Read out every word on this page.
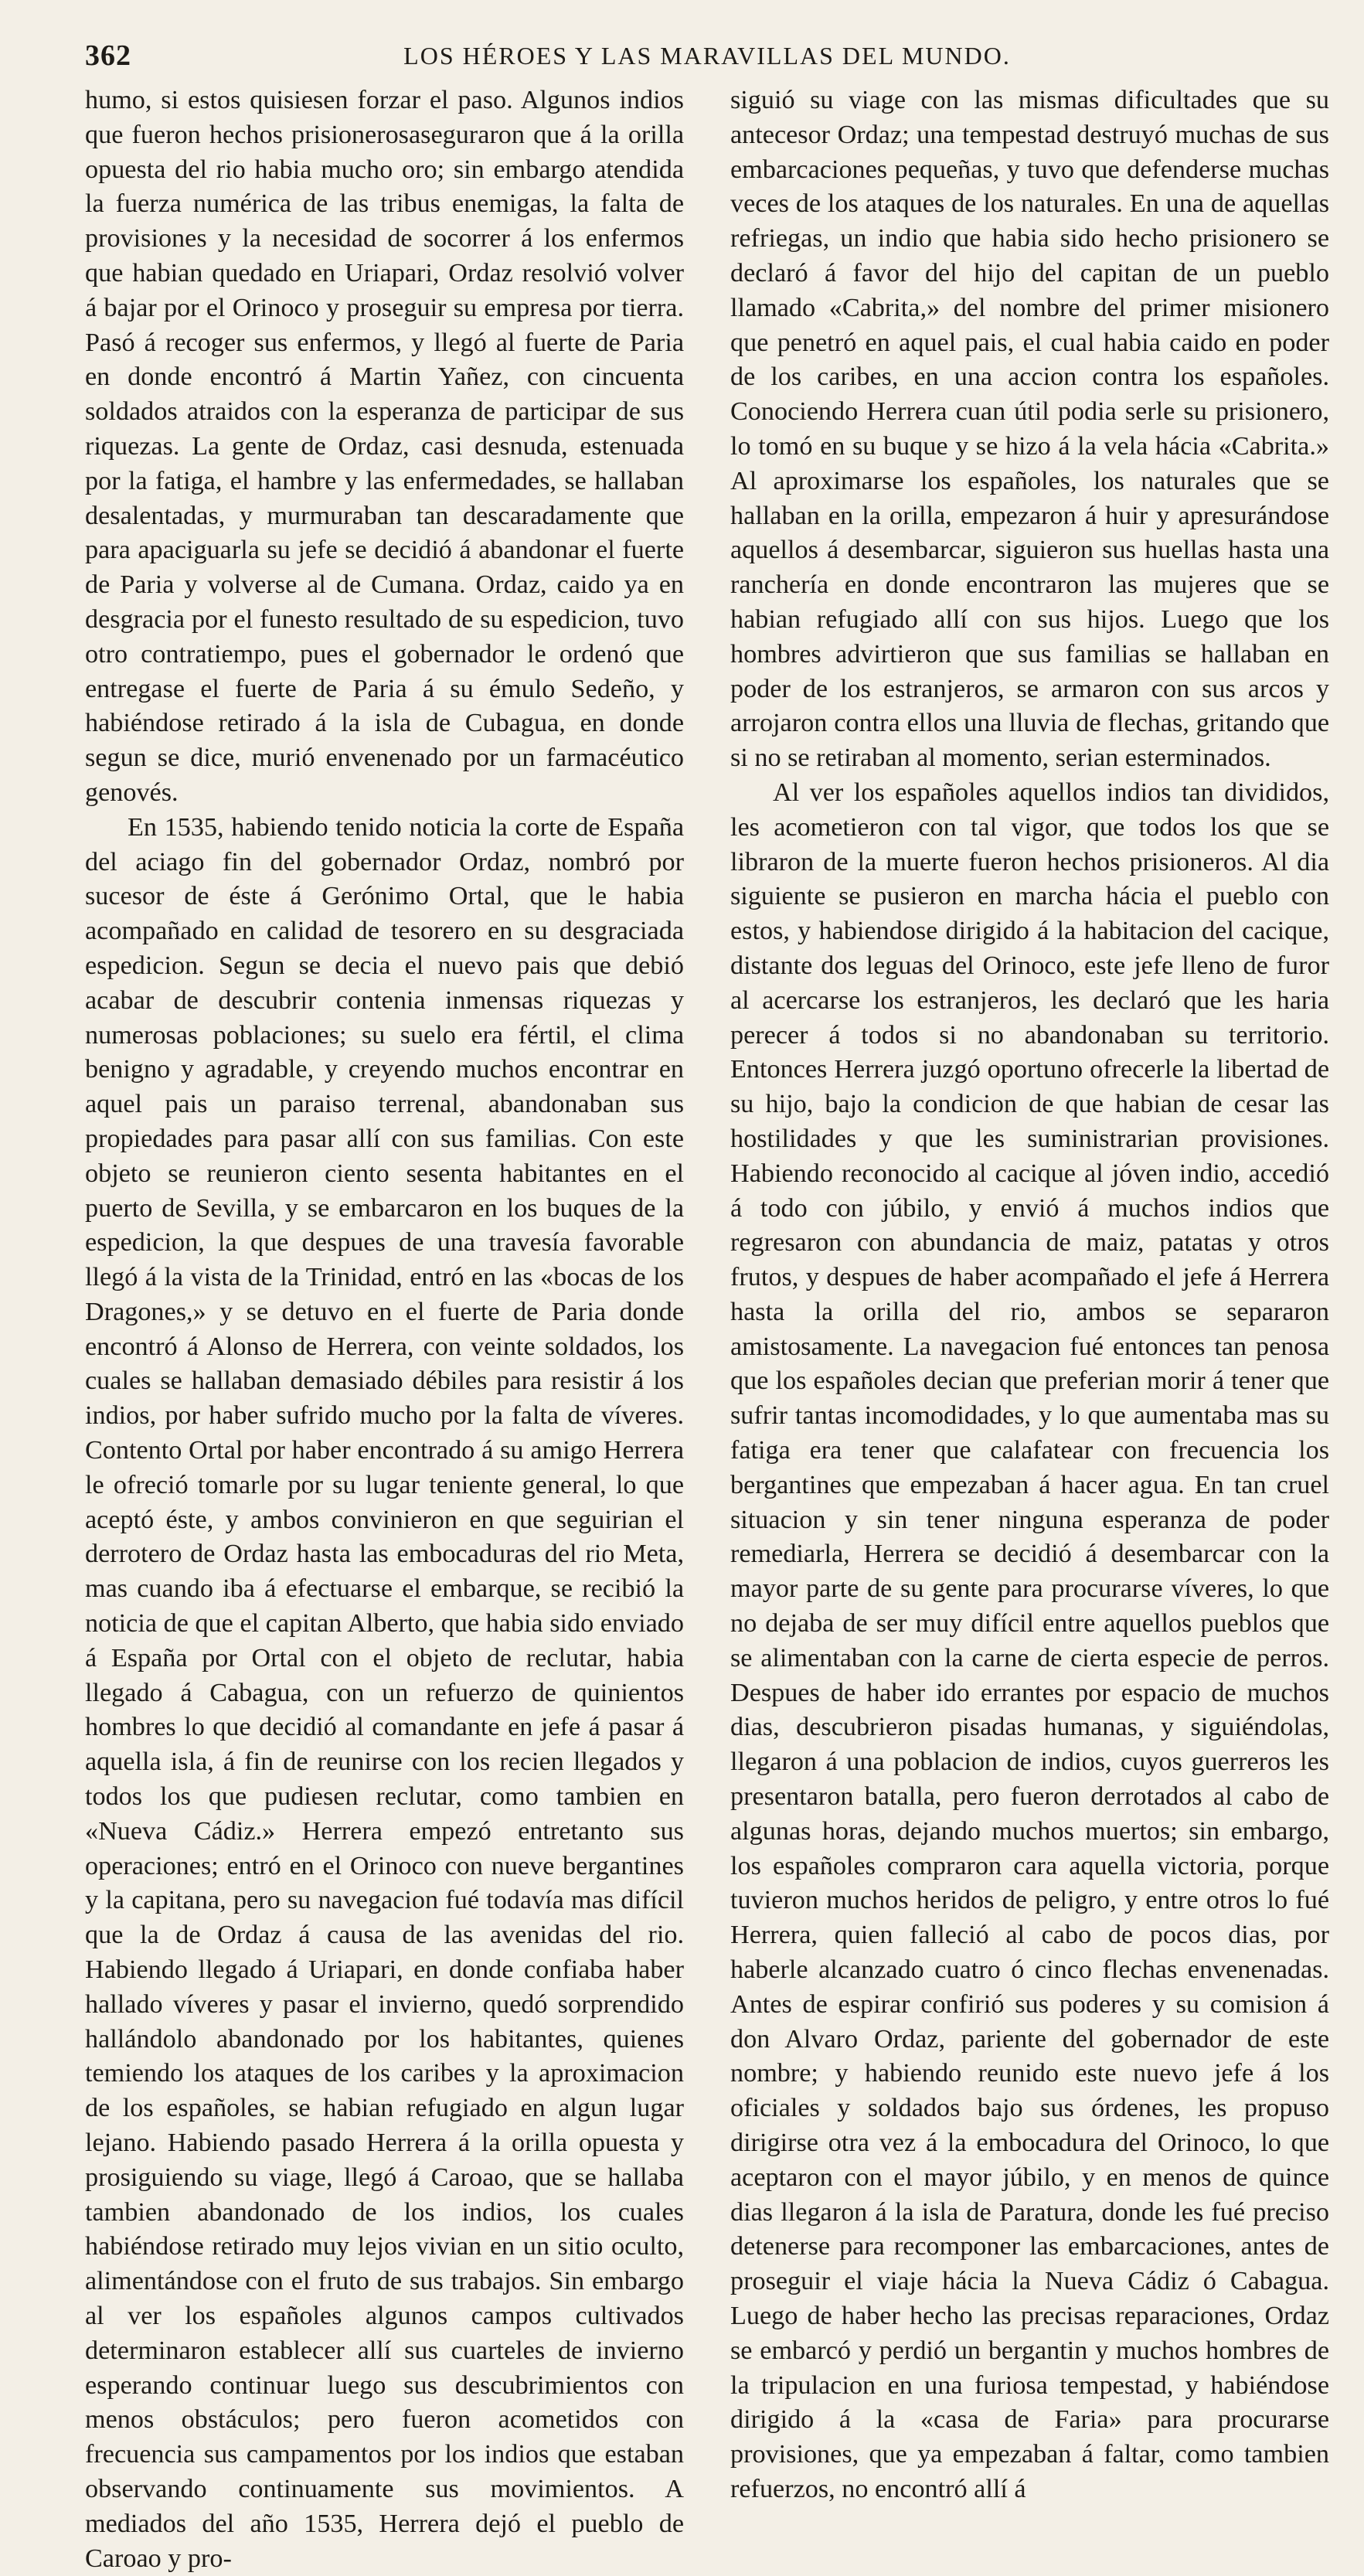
362	LOS HÉROES Y LAS MARAVILLAS DEL MUNDO.

humo, si estos quisiesen forzar el paso. Algunos indios que fueron hechos prisionerosaseguraron que á la orilla opuesta del rio habia mucho oro; sin embargo atendida la fuerza numérica de las tribus enemigas, la falta de provisiones y la necesidad de socorrer á los enfermos que habian quedado en Uriapari, Ordaz resolvió volver á bajar por el Orinoco y proseguir su empresa por tierra. Pasó á recoger sus enfermos, y llegó al fuerte de Paria en donde encontró á Martin Yañez, con cincuenta soldados atraidos con la esperanza de participar de sus riquezas. La gente de Ordaz, casi desnuda, estenuada por la fatiga, el hambre y las enfermedades, se hallaban desalentadas, y murmuraban tan descaradamente que para apaciguarla su jefe se decidió á abandonar el fuerte de Paria y volverse al de Cumana. Ordaz, caido ya en desgracia por el funesto resultado de su espedicion, tuvo otro contratiempo, pues el gobernador le ordenó que entregase el fuerte de Paria á su émulo Sedeño, y habiéndose retirado á la isla de Cubagua, en donde segun se dice, murió envenenado por un farmacéutico genovés.

En 1535, habiendo tenido noticia la corte de España del aciago fin del gobernador Ordaz, nombró por sucesor de éste á Gerónimo Ortal, que le habia acompañado en calidad de tesorero en su desgraciada espedicion. Segun se decia el nuevo pais que debió acabar de descubrir contenia inmensas riquezas y numerosas poblaciones; su suelo era fértil, el clima benigno y agradable, y creyendo muchos encontrar en aquel pais un paraiso terrenal, abandonaban sus propiedades para pasar allí con sus familias. Con este objeto se reunieron ciento sesenta habitantes en el puerto de Sevilla, y se embarcaron en los buques de la espedicion, la que despues de una travesía favorable llegó á la vista de la Trinidad, entró en las «bocas de los Dragones,» y se detuvo en el fuerte de Paria donde encontró á Alonso de Herrera, con veinte soldados, los cuales se hallaban demasiado débiles para resistir á los indios, por haber sufrido mucho por la falta de víveres. Contento Ortal por haber encontrado á su amigo Herrera le ofreció tomarle por su lugar teniente general, lo que aceptó éste, y ambos convinieron en que seguirian el derrotero de Ordaz hasta las embocaduras del rio Meta, mas cuando iba á efectuarse el embarque, se recibió la noticia de que el capitan Alberto, que habia sido enviado á España por Ortal con el objeto de reclutar, habia llegado á Cabagua, con un refuerzo de quinientos hombres lo que decidió al comandante en jefe á pasar á aquella isla, á fin de reunirse con los recien llegados y todos los que pudiesen reclutar, como tambien en «Nueva Cádiz.» Herrera empezó entretanto sus operaciones; entró en el Orinoco con nueve bergantines y la capitana, pero su navegacion fué todavía mas difícil que la de Ordaz á causa de las avenidas del rio. Habiendo llegado á Uriapari, en donde confiaba haber hallado víveres y pasar el invierno, quedó sorprendido hallándolo abandonado por los habitantes, quienes temiendo los ataques de los caribes y la aproximacion de los españoles, se habian refugiado en algun lugar lejano. Habiendo pasado Herrera á la orilla opuesta y prosiguiendo su viage, llegó á Caroao, que se hallaba tambien abandonado de los indios, los cuales habiéndose retirado muy lejos vivian en un sitio oculto, alimentándose con el fruto de sus trabajos. Sin embargo al ver los españoles algunos campos cultivados determinaron establecer allí sus cuarteles de invierno esperando continuar luego sus descubrimientos con menos obstáculos; pero fueron acometidos con frecuencia sus campamentos por los indios que estaban observando continuamente sus movimientos. A mediados del año 1535, Herrera dejó el pueblo de Caroao y pro-

siguió su viage con las mismas dificultades que su antecesor Ordaz; una tempestad destruyó muchas de sus embarcaciones pequeñas, y tuvo que defenderse muchas veces de los ataques de los naturales. En una de aquellas refriegas, un indio que habia sido hecho prisionero se declaró á favor del hijo del capitan de un pueblo llamado «Cabrita,» del nombre del primer misionero que penetró en aquel pais, el cual habia caido en poder de los caribes, en una accion contra los españoles. Conociendo Herrera cuan útil podia serle su prisionero, lo tomó en su buque y se hizo á la vela hácia «Cabrita.» Al aproximarse los españoles, los naturales que se hallaban en la orilla, empezaron á huir y apresurándose aquellos á desembarcar, siguieron sus huellas hasta una ranchería en donde encontraron las mujeres que se habian refugiado allí con sus hijos. Luego que los hombres advirtieron que sus familias se hallaban en poder de los estranjeros, se armaron con sus arcos y arrojaron contra ellos una lluvia de flechas, gritando que si no se retiraban al momento, serian esterminados.

Al ver los españoles aquellos indios tan divididos, les acometieron con tal vigor, que todos los que se libraron de la muerte fueron hechos prisioneros. Al dia siguiente se pusieron en marcha hácia el pueblo con estos, y habiendose dirigido á la habitacion del cacique, distante dos leguas del Orinoco, este jefe lleno de furor al acercarse los estranjeros, les declaró que les haria perecer á todos si no abandonaban su territorio. Entonces Herrera juzgó oportuno ofrecerle la libertad de su hijo, bajo la condicion de que habian de cesar las hostilidades y que les suministrarian provisiones. Habiendo reconocido al cacique al jóven indio, accedió á todo con júbilo, y envió á muchos indios que regresaron con abundancia de maiz, patatas y otros frutos, y despues de haber acompañado el jefe á Herrera hasta la orilla del rio, ambos se separaron amistosamente. La navegacion fué entonces tan penosa que los españoles decian que preferian morir á tener que sufrir tantas incomodidades, y lo que aumentaba mas su fatiga era tener que calafatear con frecuencia los bergantines que empezaban á hacer agua. En tan cruel situacion y sin tener ninguna esperanza de poder remediarla, Herrera se decidió á desembarcar con la mayor parte de su gente para procurarse víveres, lo que no dejaba de ser muy difícil entre aquellos pueblos que se alimentaban con la carne de cierta especie de perros. Despues de haber ido errantes por espacio de muchos dias, descubrieron pisadas humanas, y siguiéndolas, llegaron á una poblacion de indios, cuyos guerreros les presentaron batalla, pero fueron derrotados al cabo de algunas horas, dejando muchos muertos; sin embargo, los españoles compraron cara aquella victoria, porque tuvieron muchos heridos de peligro, y entre otros lo fué Herrera, quien falleció al cabo de pocos dias, por haberle alcanzado cuatro ó cinco flechas envenenadas. Antes de espirar confirió sus poderes y su comision á don Alvaro Ordaz, pariente del gobernador de este nombre; y habiendo reunido este nuevo jefe á los oficiales y soldados bajo sus órdenes, les propuso dirigirse otra vez á la embocadura del Orinoco, lo que aceptaron con el mayor júbilo, y en menos de quince dias llegaron á la isla de Paratura, donde les fué preciso detenerse para recomponer las embarcaciones, antes de proseguir el viaje hácia la Nueva Cádiz ó Cabagua. Luego de haber hecho las precisas reparaciones, Ordaz se embarcó y perdió un bergantin y muchos hombres de la tripulacion en una furiosa tempestad, y habiéndose dirigido á la «casa de Faria» para procurarse provisiones, que ya empezaban á faltar, como tambien refuerzos, no encontró allí á
